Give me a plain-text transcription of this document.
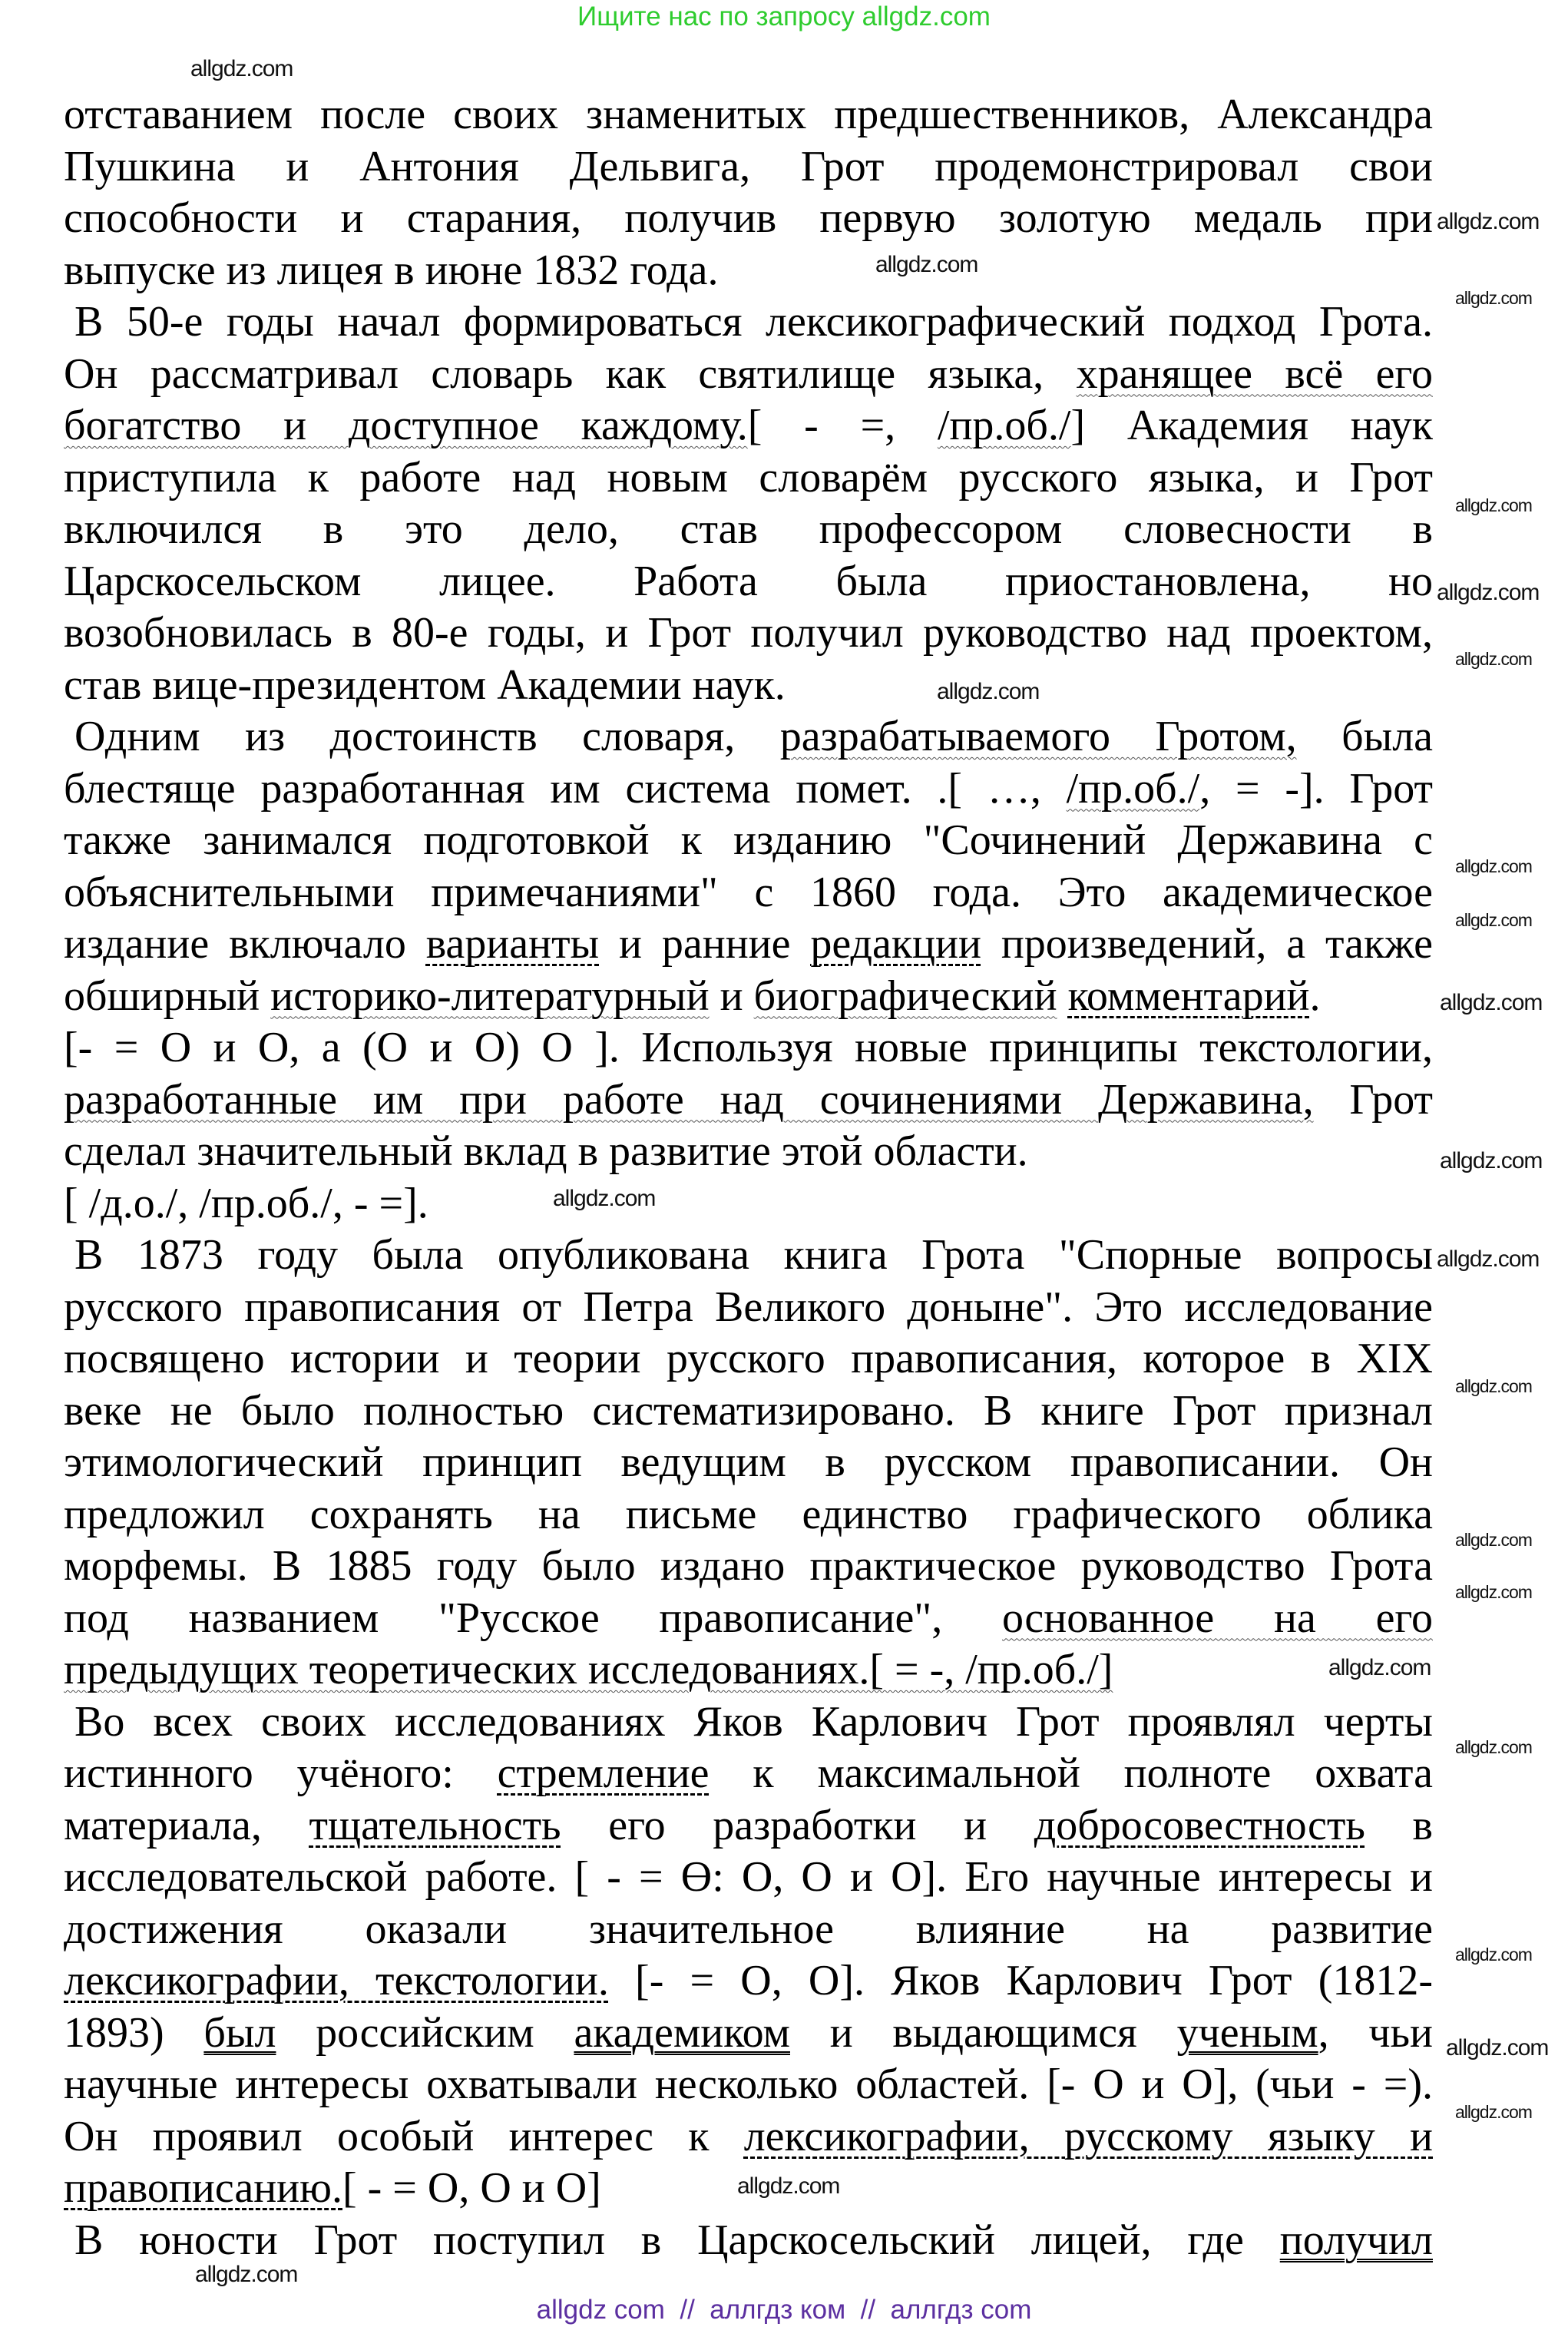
Ищите нас по запросу allgdz.com
отставанием после своих знаменитых предшественников, Александра
Пушкина и Антония Дельвига, Грот продемонстрировал свои
способности и старания, получив первую золотую медаль при
выпуске из лицея в июне 1832 года.
В 50-е годы начал формироваться лексикографический подход Грота.
Он рассматривал словарь как святилище языка, хранящее всё его
богатство и доступное каждому.[ - =, /пр.об./] Академия наук
приступила к работе над новым словарём русского языка, и Грот
включился в это дело, став профессором словесности в
Царскосельском лицее. Работа была приостановлена, но
возобновилась в 80-е годы, и Грот получил руководство над проектом,
став вице-президентом Академии наук.
Одним из достоинств словаря, разрабатываемого Гротом, была
блестяще разработанная им система помет. .[ …, /пр.об./, = -]. Грот
также занимался подготовкой к изданию "Сочинений Державина с
объяснительными примечаниями" с 1860 года. Это академическое
издание включало варианты и ранние редакции произведений, а также
обширный историко-литературный и биографический комментарий.
[- = О и О, а (О и О) О ]. Используя новые принципы текстологии,
разработанные им при работе над сочинениями Державина, Грот
сделал значительный вклад в развитие этой области.
[ /д.о./, /пр.об./, - =].
В 1873 году была опубликована книга Грота "Спорные вопросы
русского правописания от Петра Великого доныне". Это исследование
посвящено истории и теории русского правописания, которое в XIX
веке не было полностью систематизировано. В книге Грот признал
этимологический принцип ведущим в русском правописании. Он
предложил сохранять на письме единство графического облика
морфемы. В 1885 году было издано практическое руководство Грота
под названием "Русское правописание", основанное на его
предыдущих теоретических исследованиях.[ = -, /пр.об./]
Во всех своих исследованиях Яков Карлович Грот проявлял черты
истинного учёного: стремление к максимальной полноте охвата
материала, тщательность его разработки и добросовестность в
исследовательской работе. [ - = Ө: О, О и О]. Его научные интересы и
достижения оказали значительное влияние на развитие
лексикографии, текстологии. [- = О, О]. Яков Карлович Грот (1812-
1893) был российским академиком и выдающимся ученым, чьи
научные интересы охватывали несколько областей. [- О и О], (чьи - =).
Он проявил особый интерес к лексикографии, русскому языку и
правописанию.[ - = О, О и О]
В юности Грот поступил в Царскосельский лицей, где получил
allgdz.com
allgdz.com
allgdz.com
allgdz.com
allgdz.com
allgdz.com
allgdz.com
allgdz.com
allgdz.com
allgdz.com
allgdz.com
allgdz.com
allgdz.com
allgdz.com
allgdz.com
allgdz.com
allgdz.com
allgdz.com
allgdz.com
allgdz.com
allgdz.com
allgdz.com
allgdz.com
allgdz.com
allgdz com  //  аллгдз ком  //  аллгдз com
